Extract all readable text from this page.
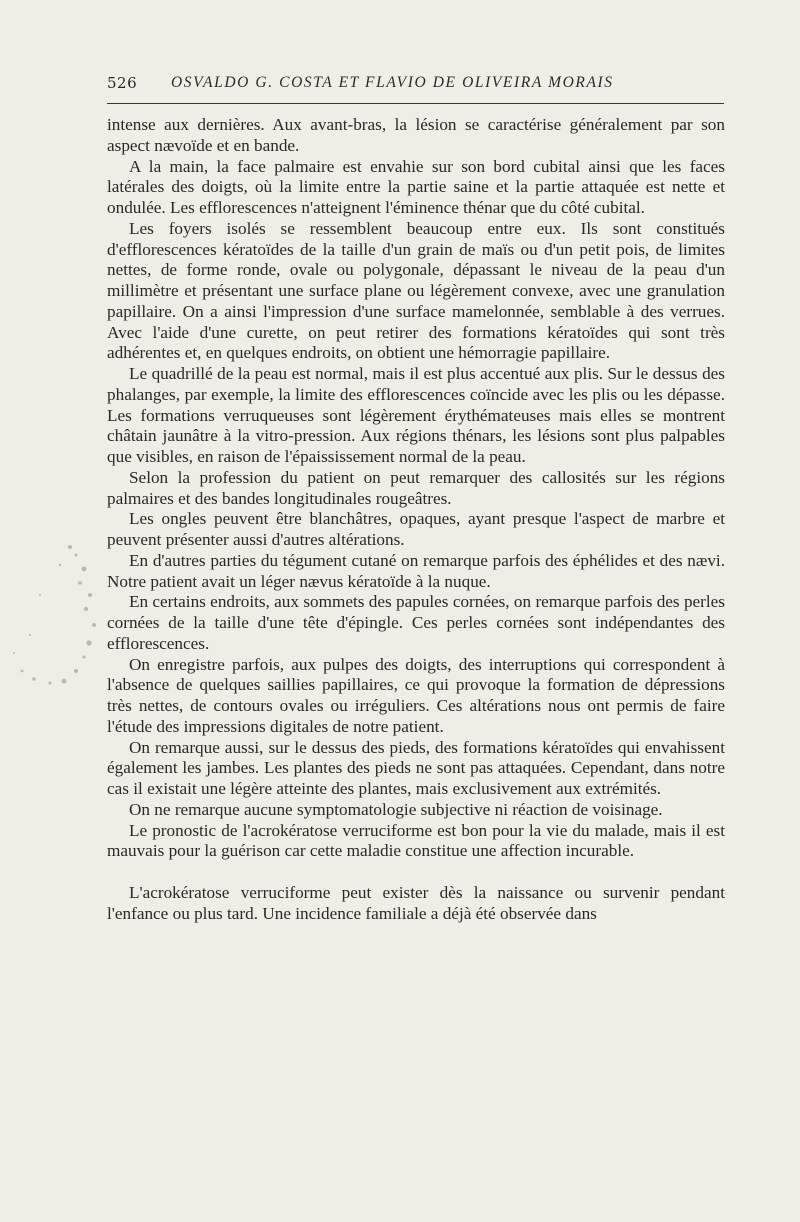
526 OSVALDO G. COSTA ET FLAVIO DE OLIVEIRA MORAIS

intense aux dernières. Aux avant-bras, la lésion se caractérise généralement par son aspect nævoïde et en bande.

A la main, la face palmaire est envahie sur son bord cubital ainsi que les faces latérales des doigts, où la limite entre la partie saine et la partie attaquée est nette et ondulée. Les efflorescences n'atteignent l'éminence thénar que du côté cubital.

Les foyers isolés se ressemblent beaucoup entre eux. Ils sont constitués d'efflorescences kératoïdes de la taille d'un grain de maïs ou d'un petit pois, de limites nettes, de forme ronde, ovale ou polygonale, dépassant le niveau de la peau d'un millimètre et présentant une surface plane ou légèrement convexe, avec une granulation papillaire. On a ainsi l'impression d'une surface mamelonnée, semblable à des verrues. Avec l'aide d'une curette, on peut retirer des formations kératoïdes qui sont très adhérentes et, en quelques endroits, on obtient une hémorragie papillaire.

Le quadrillé de la peau est normal, mais il est plus accentué aux plis. Sur le dessus des phalanges, par exemple, la limite des efflorescences coïncide avec les plis ou les dépasse. Les formations verruqueuses sont légèrement érythémateuses mais elles se montrent châtain jaunâtre à la vitro-pression. Aux régions thénars, les lésions sont plus palpables que visibles, en raison de l'épaississement normal de la peau.

Selon la profession du patient on peut remarquer des callosités sur les régions palmaires et des bandes longitudinales rougeâtres.

Les ongles peuvent être blanchâtres, opaques, ayant presque l'aspect de marbre et peuvent présenter aussi d'autres altérations.

En d'autres parties du tégument cutané on remarque parfois des éphélides et des nævi. Notre patient avait un léger nævus kératoïde à la nuque.

En certains endroits, aux sommets des papules cornées, on remarque parfois des perles cornées de la taille d'une tête d'épingle. Ces perles cornées sont indépendantes des efflorescences.

On enregistre parfois, aux pulpes des doigts, des interruptions qui correspondent à l'absence de quelques saillies papillaires, ce qui provoque la formation de dépressions très nettes, de contours ovales ou irréguliers. Ces altérations nous ont permis de faire l'étude des impressions digitales de notre patient.

On remarque aussi, sur le dessus des pieds, des formations kératoïdes qui envahissent également les jambes. Les plantes des pieds ne sont pas attaquées. Cependant, dans notre cas il existait une légère atteinte des plantes, mais exclusivement aux extrémités.

On ne remarque aucune symptomatologie subjective ni réaction de voisinage.

Le pronostic de l'acrokératose verruciforme est bon pour la vie du malade, mais il est mauvais pour la guérison car cette maladie constitue une affection incurable.

L'acrokératose verruciforme peut exister dès la naissance ou survenir pendant l'enfance ou plus tard. Une incidence familiale a déjà été observée dans
